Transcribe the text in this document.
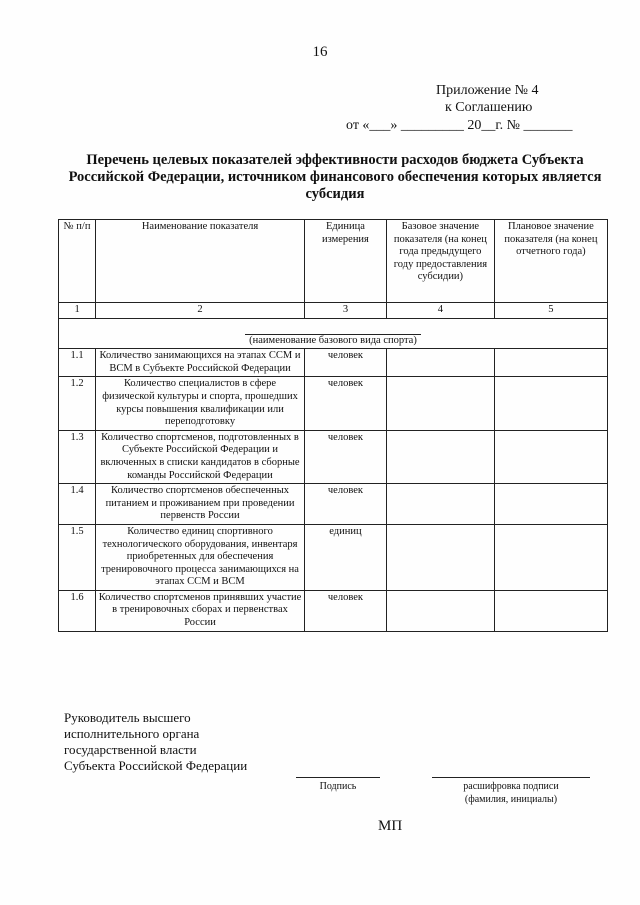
16
Приложение № 4
к Соглашению
от «___» _________ 20__г. № _______
Перечень целевых показателей эффективности расходов бюджета Субъекта Российской Федерации, источником финансового обеспечения которых является субсидия
№ п/п	Наименование показателя	Единица измерения	Базовое значение показателя (на конец года предыдущего году предоставления субсидии)	Плановое значение показателя (на конец отчетного года)
1	2	3	4	5
(наименование базового вида спорта)				
1.1	Количество занимающихся на этапах ССМ и ВСМ в Субъекте Российской Федерации	человек		
1.2	Количество специалистов в сфере физической культуры и спорта, прошедших курсы повышения квалификации или переподготовку	человек		
1.3	Количество спортсменов, подготовленных в Субъекте Российской Федерации и включенных в списки кандидатов в сборные команды Российской Федерации	человек		
1.4	Количество спортсменов обеспеченных питанием и проживанием при проведении первенств России	человек		
1.5	Количество единиц спортивного технологического оборудования, инвентаря приобретенных для обеспечения тренировочного процесса занимающихся на этапах ССМ и ВСМ	единиц		
1.6	Количество спортсменов принявших участие в тренировочных сборах и первенствах России	человек		
Руководитель высшего
исполнительного органа
государственной власти
Субъекта Российской Федерации
Подпись	расшифровка подписи
(фамилия, инициалы)
МП
